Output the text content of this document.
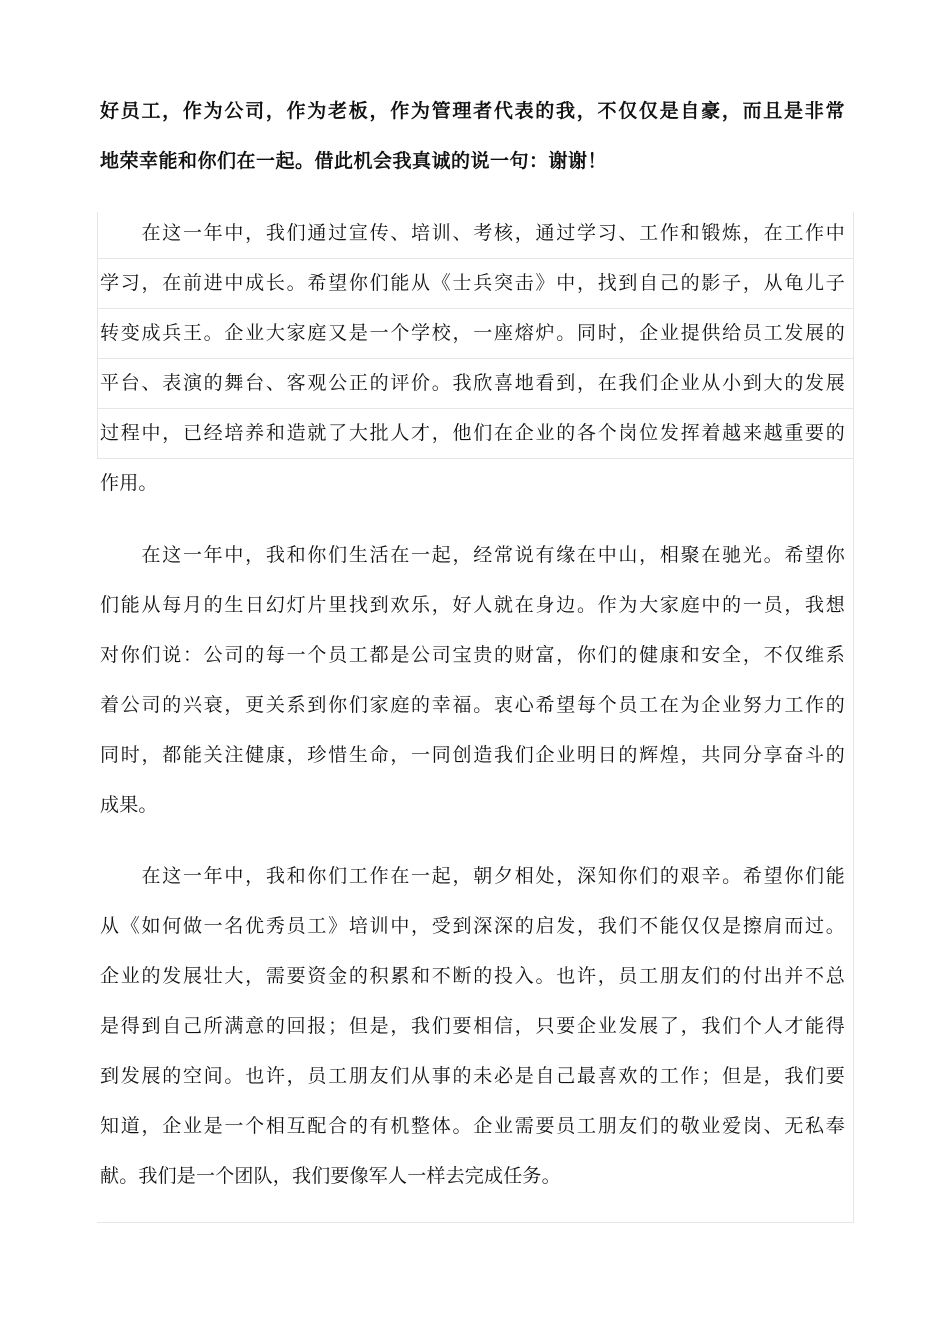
好员工，作为公司，作为老板，作为管理者代表的我，不仅仅是自豪，而且是非常
地荣幸能和你们在一起。借此机会我真诚的说一句：谢谢！
　　在这一年中，我们通过宣传、培训、考核，通过学习、工作和锻炼，在工作中
学习，在前进中成长。希望你们能从《士兵突击》中，找到自己的影子，从龟儿子
转变成兵王。企业大家庭又是一个学校，一座熔炉。同时，企业提供给员工发展的
平台、表演的舞台、客观公正的评价。我欣喜地看到，在我们企业从小到大的发展
过程中，已经培养和造就了大批人才，他们在企业的各个岗位发挥着越来越重要的
作用。
　　在这一年中，我和你们生活在一起，经常说有缘在中山，相聚在驰光。希望你
们能从每月的生日幻灯片里找到欢乐，好人就在身边。作为大家庭中的一员，我想
对你们说：公司的每一个员工都是公司宝贵的财富，你们的健康和安全，不仅维系
着公司的兴衰，更关系到你们家庭的幸福。衷心希望每个员工在为企业努力工作的
同时，都能关注健康，珍惜生命，一同创造我们企业明日的辉煌，共同分享奋斗的
成果。
　　在这一年中，我和你们工作在一起，朝夕相处，深知你们的艰辛。希望你们能
从《如何做一名优秀员工》培训中，受到深深的启发，我们不能仅仅是擦肩而过。
企业的发展壮大，需要资金的积累和不断的投入。也许，员工朋友们的付出并不总
是得到自己所满意的回报；但是，我们要相信，只要企业发展了，我们个人才能得
到发展的空间。也许，员工朋友们从事的未必是自己最喜欢的工作；但是，我们要
知道，企业是一个相互配合的有机整体。企业需要员工朋友们的敬业爱岗、无私奉
献。我们是一个团队，我们要像军人一样去完成任务。
